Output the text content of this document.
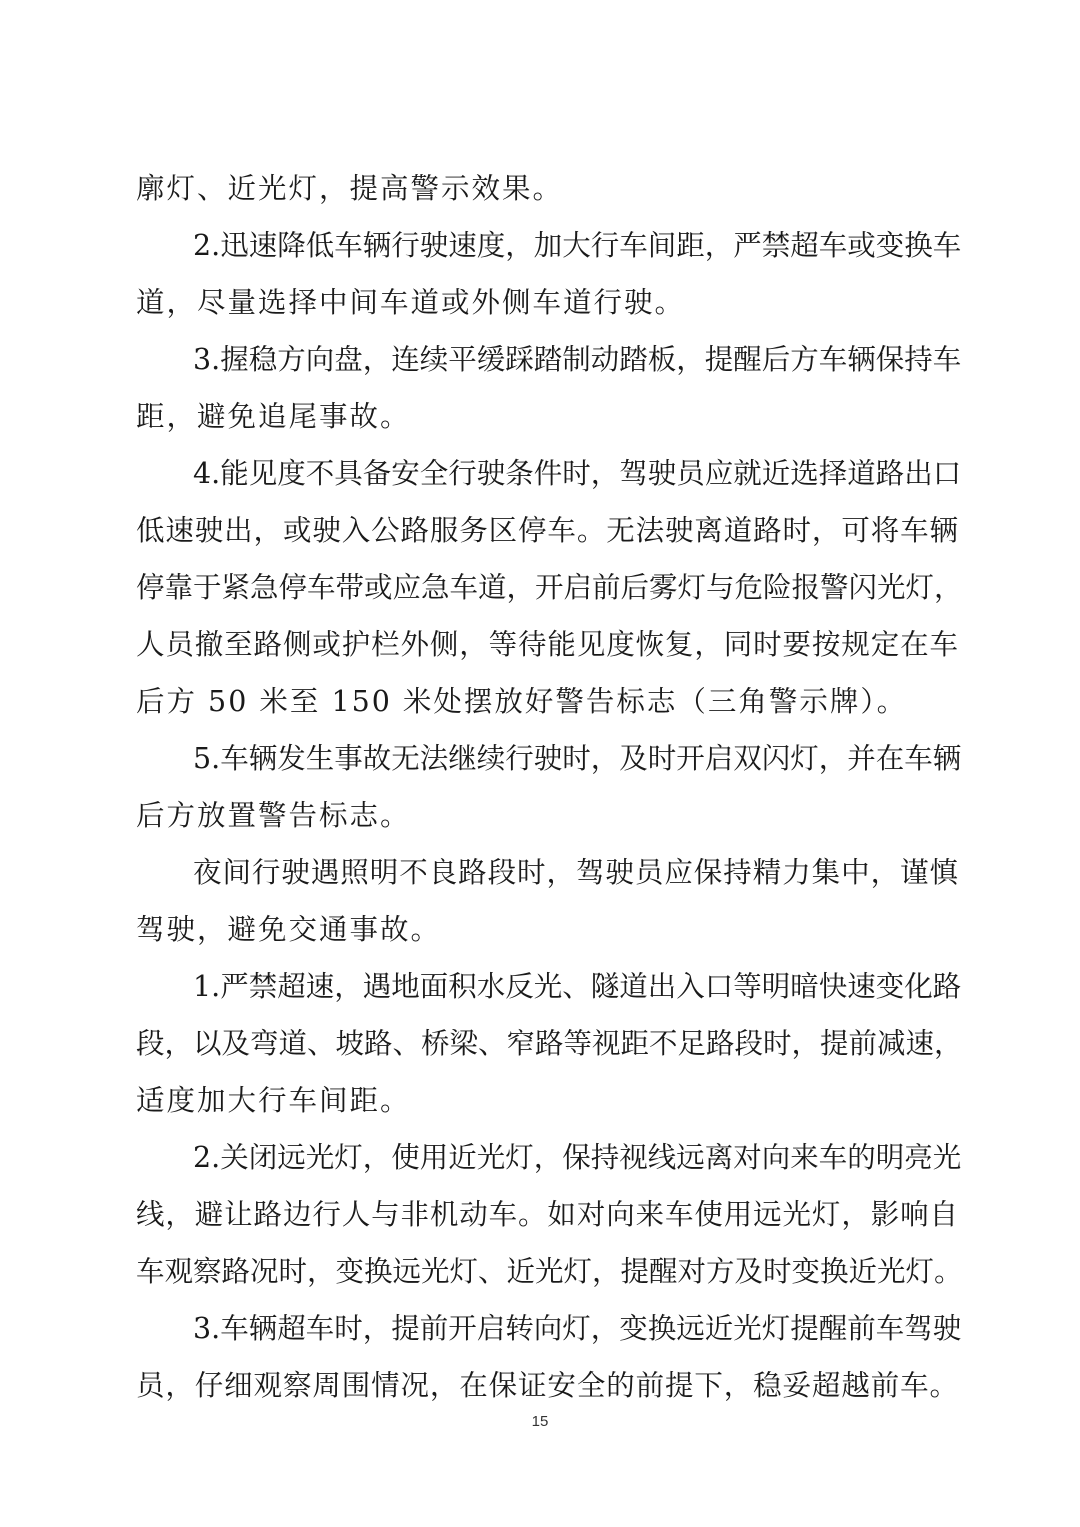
廓灯、近光灯，提高警示效果。
2.迅速降低车辆行驶速度，加大行车间距，严禁超车或变换车
道，尽量选择中间车道或外侧车道行驶。
3.握稳方向盘，连续平缓踩踏制动踏板，提醒后方车辆保持车
距，避免追尾事故。
4.能见度不具备安全行驶条件时，驾驶员应就近选择道路出口
低速驶出，或驶入公路服务区停车。无法驶离道路时，可将车辆
停靠于紧急停车带或应急车道，开启前后雾灯与危险报警闪光灯，
人员撤至路侧或护栏外侧，等待能见度恢复，同时要按规定在车
后方 50 米至 150 米处摆放好警告标志（三角警示牌）。
5.车辆发生事故无法继续行驶时，及时开启双闪灯，并在车辆
后方放置警告标志。
夜间行驶遇照明不良路段时，驾驶员应保持精力集中，谨慎
驾驶，避免交通事故。
1.严禁超速，遇地面积水反光、隧道出入口等明暗快速变化路
段，以及弯道、坡路、桥梁、窄路等视距不足路段时，提前减速，
适度加大行车间距。
2.关闭远光灯，使用近光灯，保持视线远离对向来车的明亮光
线，避让路边行人与非机动车。如对向来车使用远光灯，影响自
车观察路况时，变换远光灯、近光灯，提醒对方及时变换近光灯。
3.车辆超车时，提前开启转向灯，变换远近光灯提醒前车驾驶
员，仔细观察周围情况，在保证安全的前提下，稳妥超越前车。
15
